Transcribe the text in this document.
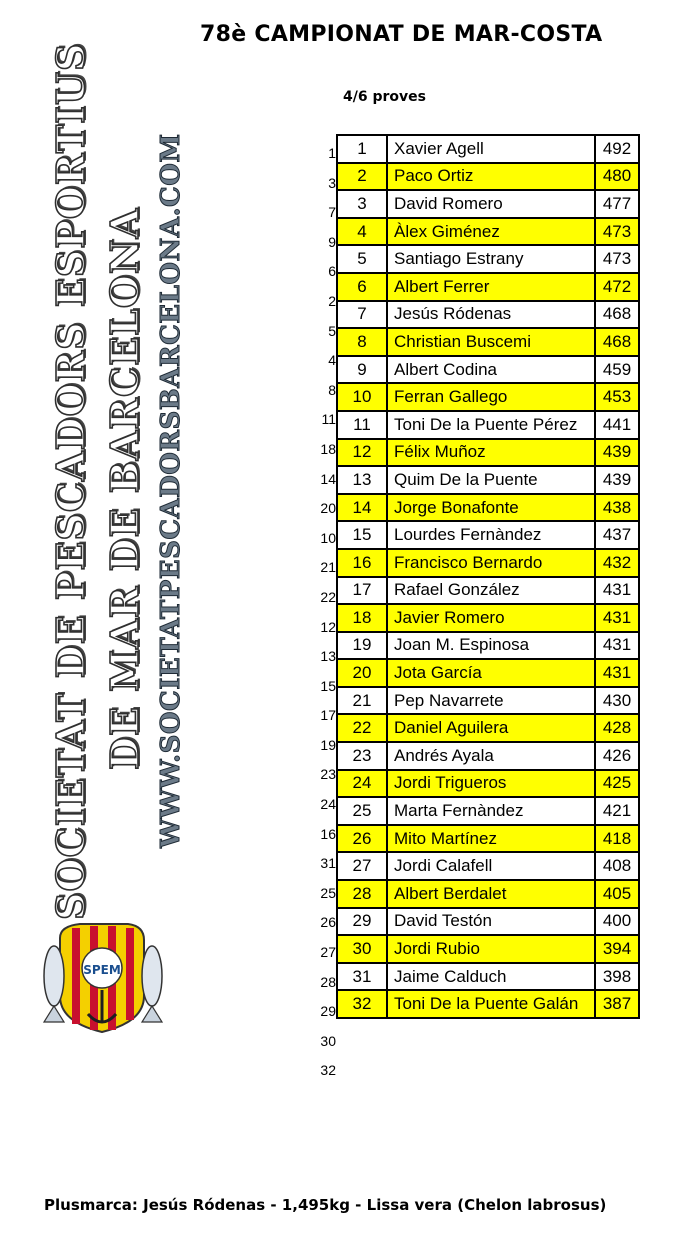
78è CAMPIONAT DE MAR-COSTA
4/6 proves
SOCIETAT DE PESCADORS ESPORTIUS DE MAR DE BARCELONA WWW.SOCIETATPESCADORSBARCELONA.COM
SPEM
1
3
7
9
6
2
5
4
8
11
18
14
20
10
21
22
12
13
15
17
19
23
24
16
31
25
26
27
28
29
30
32
1	Xavier Agell	492
2	Paco Ortiz	480
3	David Romero	477
4	Àlex Giménez	473
5	Santiago Estrany	473
6	Albert Ferrer	472
7	Jesús Ródenas	468
8	Christian Buscemi	468
9	Albert Codina	459
10	Ferran Gallego	453
11	Toni De la Puente Pérez	441
12	Félix Muñoz	439
13	Quim De la Puente	439
14	Jorge Bonafonte	438
15	Lourdes Fernàndez	437
16	Francisco Bernardo	432
17	Rafael González	431
18	Javier Romero	431
19	Joan M. Espinosa	431
20	Jota García	431
21	Pep Navarrete	430
22	Daniel Aguilera	428
23	Andrés Ayala	426
24	Jordi Trigueros	425
25	Marta Fernàndez	421
26	Mito Martínez	418
27	Jordi Calafell	408
28	Albert Berdalet	405
29	David Testón	400
30	Jordi Rubio	394
31	Jaime Calduch	398
32	Toni De la Puente Galán	387
Plusmarca: Jesús Ródenas - 1,495kg - Lissa vera (Chelon labrosus)
